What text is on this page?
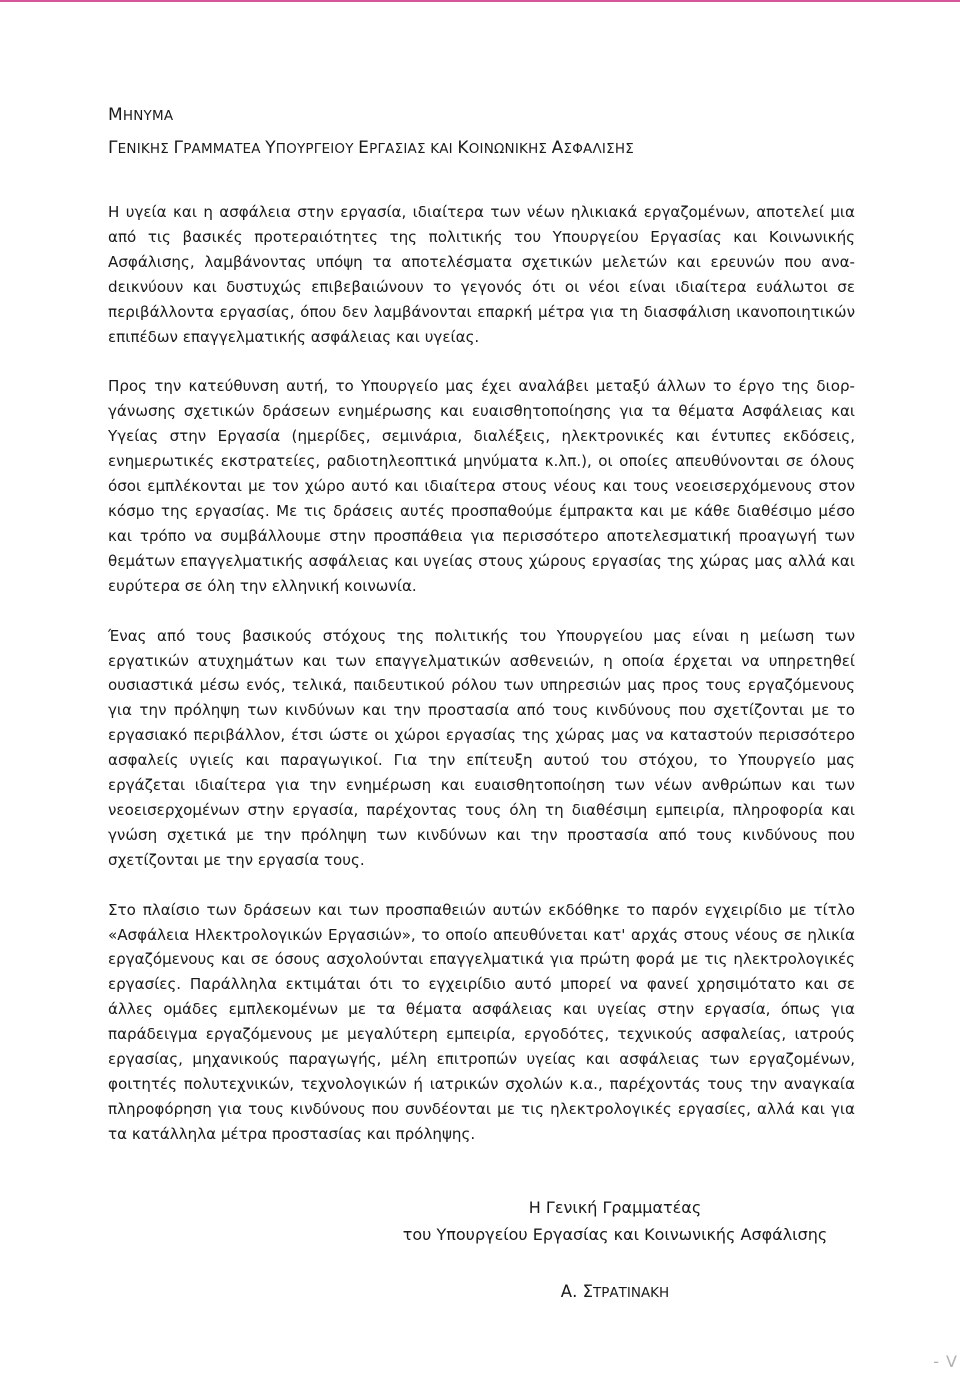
ΜΗΝΥΜΑ
ΓΕΝΙΚΗΣ ΓΡΑΜΜΑΤΕΑ ΥΠΟΥΡΓΕΙΟΥ ΕΡΓΑΣΙΑΣ ΚΑΙ ΚΟΙΝΩΝΙΚΗΣ ΑΣΦΑΛΙΣΗΣ

Η υγεία και η ασφάλεια στην εργασία, ιδιαίτερα των νέων ηλικιακά εργαζομένων, αποτελεί μια από τις βασικές προτεραιότητες της πολιτικής του Υπουργείου Εργασίας και Κοινωνικής Ασφάλισης, λαμβάνοντας υπόψη τα αποτελέσματα σχετικών μελετών και ερευνών που αναdεικνύουν και δυστυχώς επιβεβαιώνουν το γεγονός ότι οι νέοι είναι ιδιαίτερα ευάλωτοι σε περιβάλλοντα εργασίας, όπου δεν λαμβάνονται επαρκή μέτρα για τη διασφάλιση ικανοποιητικών επιπέδων επαγγελματικής ασφάλειας και υγείας.

Προς την κατεύθυνση αυτή, το Υπουργείο μας έχει αναλάβει μεταξύ άλλων το έργο της διοργάνωσης σχετικών δράσεων ενημέρωσης και ευαισθητοποίησης για τα θέματα Ασφάλειας και Υγείας στην Εργασία (ημερίδες, σεμινάρια, διαλέξεις, ηλεκτρονικές και έντυπες εκδόσεις, ενημερωτικές εκστρατείες, ραδιοτηλεοπτικά μηνύματα κ.λπ.), οι οποίες απευθύνονται σε όλους όσοι εμπλέκονται με τον χώρο αυτό και ιδιαίτερα στους νέους και τους νεοεισερχόμενους στον κόσμο της εργασίας. Με τις δράσεις αυτές προσπαθούμε έμπρακτα και με κάθε διαθέσιμο μέσο και τρόπο να συμβάλλουμε στην προσπάθεια για περισσότερο αποτελεσματική προαγωγή των θεμάτων επαγγελματικής ασφάλειας και υγείας στους χώρους εργασίας της χώρας μας αλλά και ευρύτερα σε όλη την ελληνική κοινωνία.

Ένας από τους βασικούς στόχους της πολιτικής του Υπουργείου μας είναι η μείωση των εργατικών ατυχημάτων και των επαγγελματικών ασθενειών, η οποία έρχεται να υπηρετηθεί ουσιαστικά μέσω ενός, τελικά, παιδευτικού ρόλου των υπηρεσιών μας προς τους εργαζόμενους για την πρόληψη των κινδύνων και την προστασία από τους κινδύνους που σχετίζονται με το εργασιακό περιβάλλον, έτσι ώστε οι χώροι εργασίας της χώρας μας να καταστούν περισσότερο ασφαλείς υγιείς και παραγωγικοί. Για την επίτευξη αυτού του στόχου, το Υπουργείο μας εργάζεται ιδιαίτερα για την ενημέρωση και ευαισθητοποίηση των νέων ανθρώπων και των νεοεισερχομένων στην εργασία, παρέχοντας τους όλη τη διαθέσιμη εμπειρία, πληροφορία και γνώση σχετικά με την πρόληψη των κινδύνων και την προστασία από τους κινδύνους που σχετίζονται με την εργασία τους.

Στο πλαίσιο των δράσεων και των προσπαθειών αυτών εκδόθηκε το παρόν εγχειρίδιο με τίτλο «Ασφάλεια Ηλεκτρολογικών Εργασιών», το οποίο απευθύνεται κατ' αρχάς στους νέους σε ηλικία εργαζόμενους και σε όσους ασχολούνται επαγγελματικά για πρώτη φορά με τις ηλεκτρολογικές εργασίες. Παράλληλα εκτιμάται ότι το εγχειρίδιο αυτό μπορεί να φανεί χρησιμότατο και σε άλλες ομάδες εμπλεκομένων με τα θέματα ασφάλειας και υγείας στην εργασία, όπως για παράδειγμα εργαζόμενους με μεγαλύτερη εμπειρία, εργοδότες, τεχνικούς ασφαλείας, ιατρούς εργασίας, μηχανικούς παραγωγής, μέλη επιτροπών υγείας και ασφάλειας των εργαζομένων, φοιτητές πολυτεχνικών, τεχνολογικών ή ιατρικών σχολών κ.α., παρέχοντάς τους την αναγκαία πληροφόρηση για τους κινδύνους που συνδέονται με τις ηλεκτρολογικές εργασίες, αλλά και για τα κατάλληλα μέτρα προστασίας και πρόληψης.

Η Γενική Γραμματέας
του Υπουργείου Εργασίας και Κοινωνικής Ασφάλισης
Α. ΣΤΡΑΤΙΝΑΚΗ
- V
